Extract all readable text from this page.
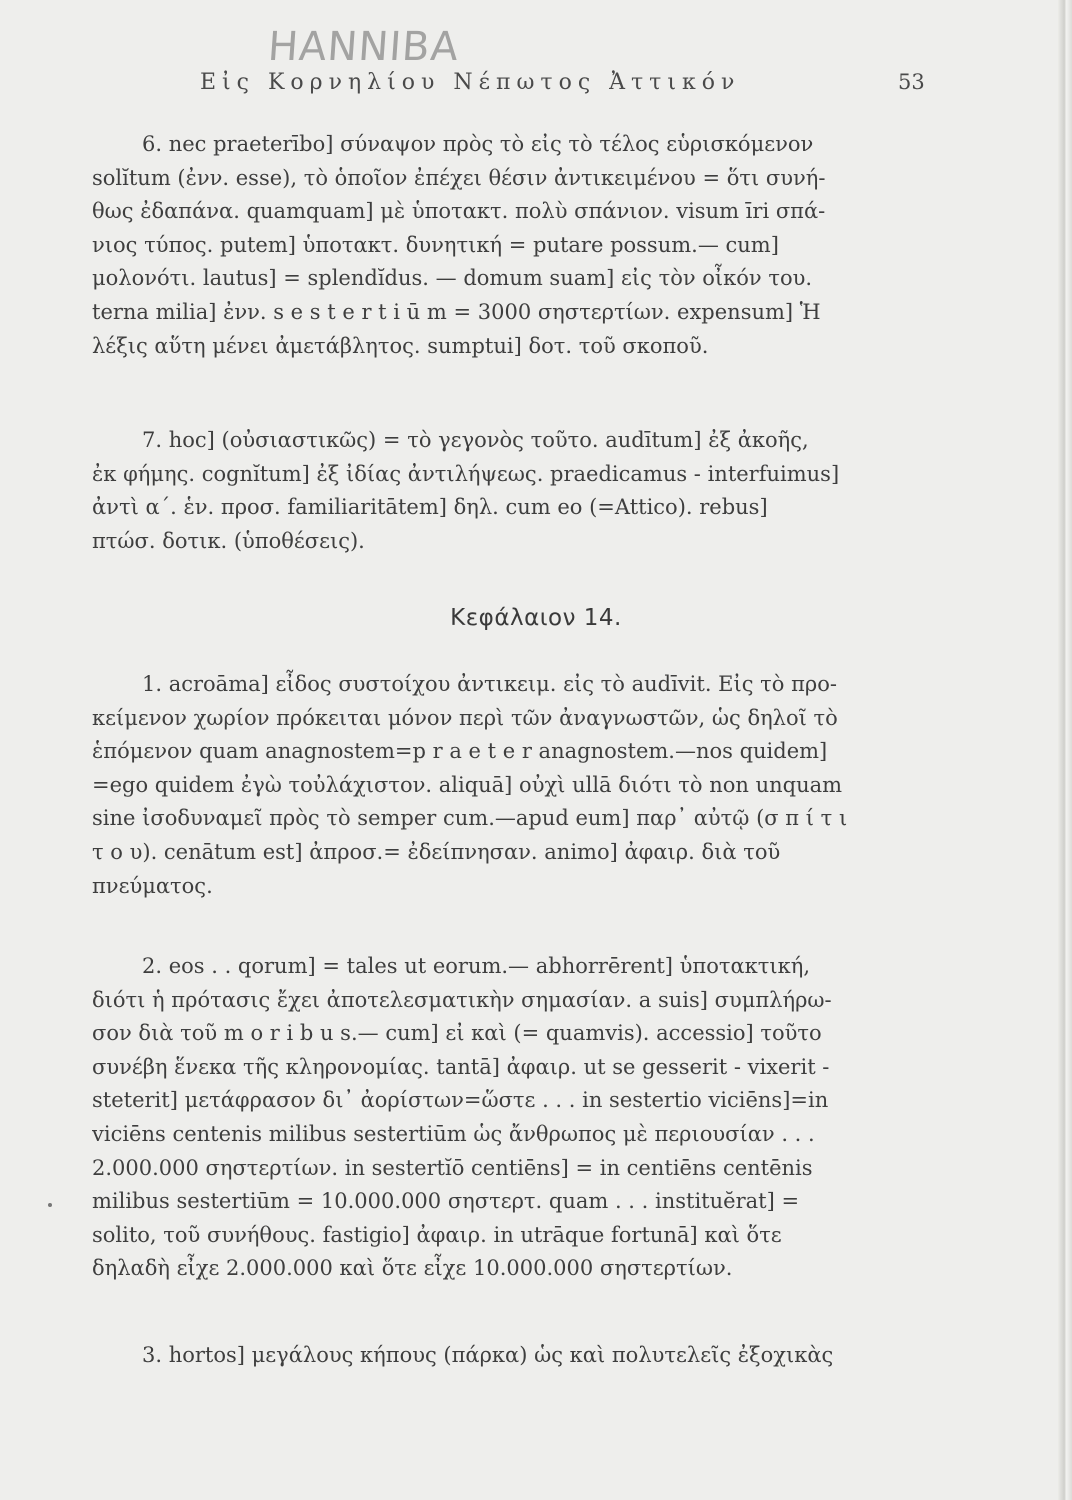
HANNIBA
Εἰς Κορνηλίου Νέπωτος Ἀττικόν	53
6. nec praeterībo] σύναψον πρὸς τὸ εἰς τὸ τέλος εὑρισκόμενον
solĭtum (ἐνν. esse), τὸ ὁποῖον ἐπέχει θέσιν ἀντικειμένου = ὅτι συνή-
θως ἐδαπάνα. quamquam] μὲ ὑποτακτ. πολὺ σπάνιον. visum īri σπά-
νιος τύπος. putem] ὑποτακτ. δυνητική = putare possum.— cum]
μολονότι. lautus] = splendĭdus. — domum suam] εἰς τὸν οἶκόν του.
terna milia] ἐνν. s e s t e r t i ū m = 3000 σηστερτίων. expensum] Ἡ
λέξις αὕτη μένει ἀμετάβλητος. sumptui] δοτ. τοῦ σκοποῦ.
7. hoc] (οὐσιαστικῶς) = τὸ γεγονὸς τοῦτο. audītum] ἐξ ἀκοῆς,
ἐκ φήμης. cognĭtum] ἐξ ἰδίας ἀντιλήψεως. praedicamus - interfuimus]
ἀντὶ α΄. ἑν. προσ. familiaritātem] δηλ. cum eo (=Attico). rebus]
πτώσ. δοτικ. (ὑποθέσεις).
Κεφάλαιον 14.
1. acroāma] εἶδος συστοίχου ἀντικειμ. εἰς τὸ audīvit. Εἰς τὸ προ-
κείμενον χωρίον πρόκειται μόνον περὶ τῶν ἀναγνωστῶν, ὡς δηλοῖ τὸ
ἑπόμενον quam anagnostem=p r a e t e r anagnostem.—nos quidem]
=ego quidem ἐγὼ τοὐλάχιστον. aliquā] οὐχὶ ullā διότι τὸ non unquam
sine ἰσοδυναμεῖ πρὸς τὸ semper cum.—apud eum] παρ᾽ αὐτῷ (σ π ί τ ι
τ ο υ). cenātum est] ἀπροσ.= ἐδείπνησαν. animo] ἀφαιρ. διὰ τοῦ
πνεύματος.
2. eos . . qorum] = tales ut eorum.— abhorrērent] ὑποτακτική,
διότι ἡ πρότασις ἔχει ἀποτελεσματικὴν σημασίαν. a suis] συμπλήρω-
σον διὰ τοῦ m o r i b u s.— cum] εἰ καὶ (= quamvis). accessio] τοῦτο
συνέβη ἕνεκα τῆς κληρονομίας. tantā] ἀφαιρ. ut se gesserit - vixerit -
steterit] μετάφρασον δι᾽ ἀορίστων=ὥστε . . . in sestertio viciēns]=in
viciēns centenis milibus sestertiūm ὡς ἄνθρωπος μὲ περιουσίαν . . .
2.000.000 σηστερτίων. in sestertĭō centiēns] = in centiēns centēnis
milibus sestertiūm = 10.000.000 σηστερτ. quam . . . instituĕrat] =
solito, τοῦ συνήθους. fastigio] ἀφαιρ. in utrāque fortunā] καὶ ὅτε
δηλαδὴ εἶχε 2.000.000 καὶ ὅτε εἶχε 10.000.000 σηστερτίων.
3. hortos] μεγάλους κήπους (πάρκα) ὡς καὶ πολυτελεῖς ἐξοχικὰς
